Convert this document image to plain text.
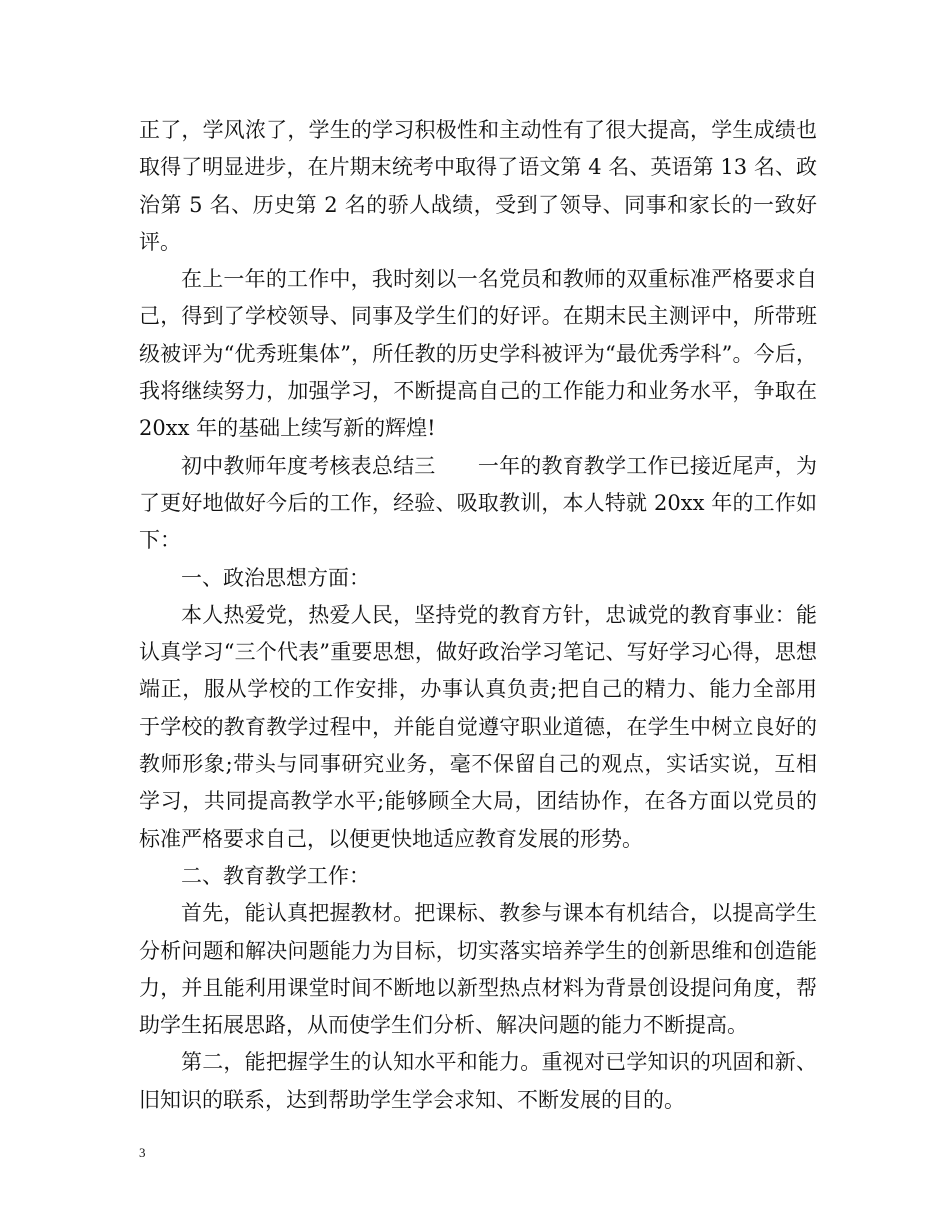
正了，学风浓了，学生的学习积极性和主动性有了很大提高，学生成绩也取得了明显进步，在片期末统考中取得了语文第 4 名、英语第 13 名、政治第 5 名、历史第 2 名的骄人战绩，受到了领导、同事和家长的一致好评。

在上一年的工作中，我时刻以一名党员和教师的双重标准严格要求自己，得到了学校领导、同事及学生们的好评。在期末民主测评中，所带班级被评为“优秀班集体”，所任教的历史学科被评为“最优秀学科”。今后，我将继续努力，加强学习，不断提高自己的工作能力和业务水平，争取在 20xx 年的基础上续写新的辉煌!

初中教师年度考核表总结三　　一年的教育教学工作已接近尾声，为了更好地做好今后的工作，经验、吸取教训，本人特就 20xx 年的工作如下：

一、政治思想方面：

本人热爱党，热爱人民，坚持党的教育方针，忠诚党的教育事业：能认真学习“三个代表”重要思想，做好政治学习笔记、写好学习心得，思想端正，服从学校的工作安排，办事认真负责;把自己的精力、能力全部用于学校的教育教学过程中，并能自觉遵守职业道德，在学生中树立良好的教师形象;带头与同事研究业务，毫不保留自己的观点，实话实说，互相学习，共同提高教学水平;能够顾全大局，团结协作，在各方面以党员的标准严格要求自己，以便更快地适应教育发展的形势。

二、教育教学工作：

首先，能认真把握教材。把课标、教参与课本有机结合，以提高学生分析问题和解决问题能力为目标，切实落实培养学生的创新思维和创造能力，并且能利用课堂时间不断地以新型热点材料为背景创设提问角度，帮助学生拓展思路，从而使学生们分析、解决问题的能力不断提高。

第二，能把握学生的认知水平和能力。重视对已学知识的巩固和新、旧知识的联系，达到帮助学生学会求知、不断发展的目的。

3
